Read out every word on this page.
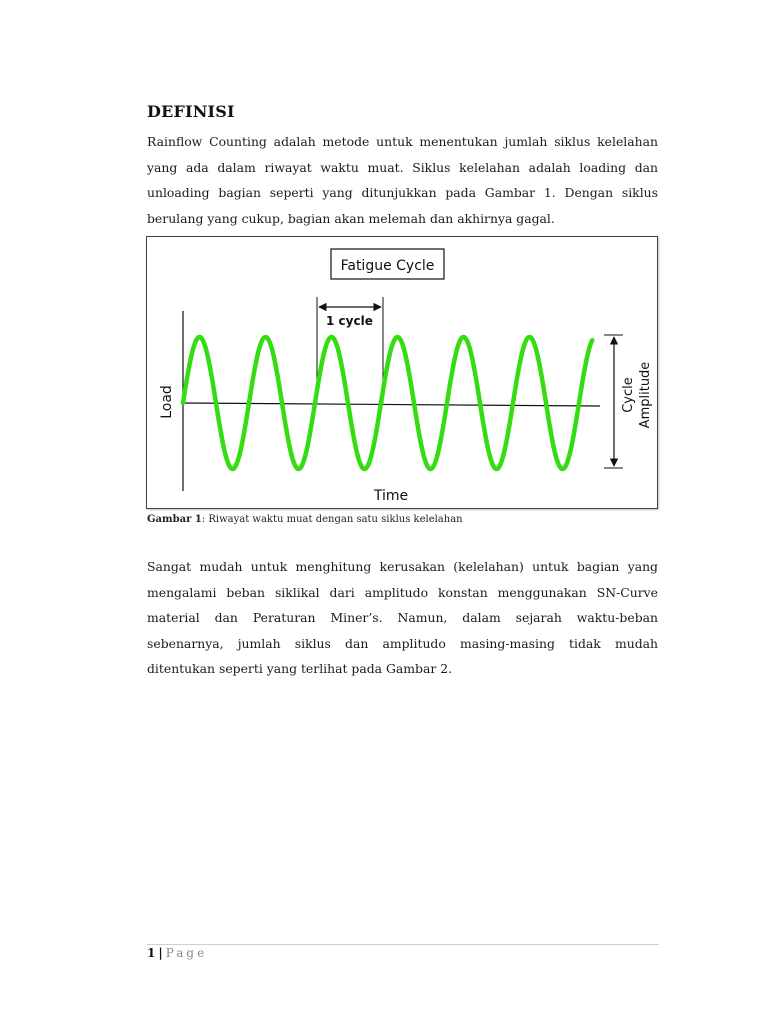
DEFINISI
Rainflow Counting adalah metode untuk menentukan jumlah siklus kelelahan yang ada dalam riwayat waktu muat. Siklus kelelahan adalah loading dan unloading bagian seperti yang ditunjukkan pada Gambar 1. Dengan siklus berulang yang cukup, bagian akan melemah dan akhirnya gagal.
Fatigue Cycle
1 cycle
Cycle Amplitude
Load
Time
Gambar 1: Riwayat waktu muat dengan satu siklus kelelahan
Sangat mudah untuk menghitung kerusakan (kelelahan) untuk bagian yang mengalami beban siklikal dari amplitudo konstan menggunakan SN-Curve material dan Peraturan Miner’s. Namun, dalam sejarah waktu-beban sebenarnya, jumlah siklus dan amplitudo masing-masing tidak mudah ditentukan seperti yang terlihat pada Gambar 2.
1 | Page
